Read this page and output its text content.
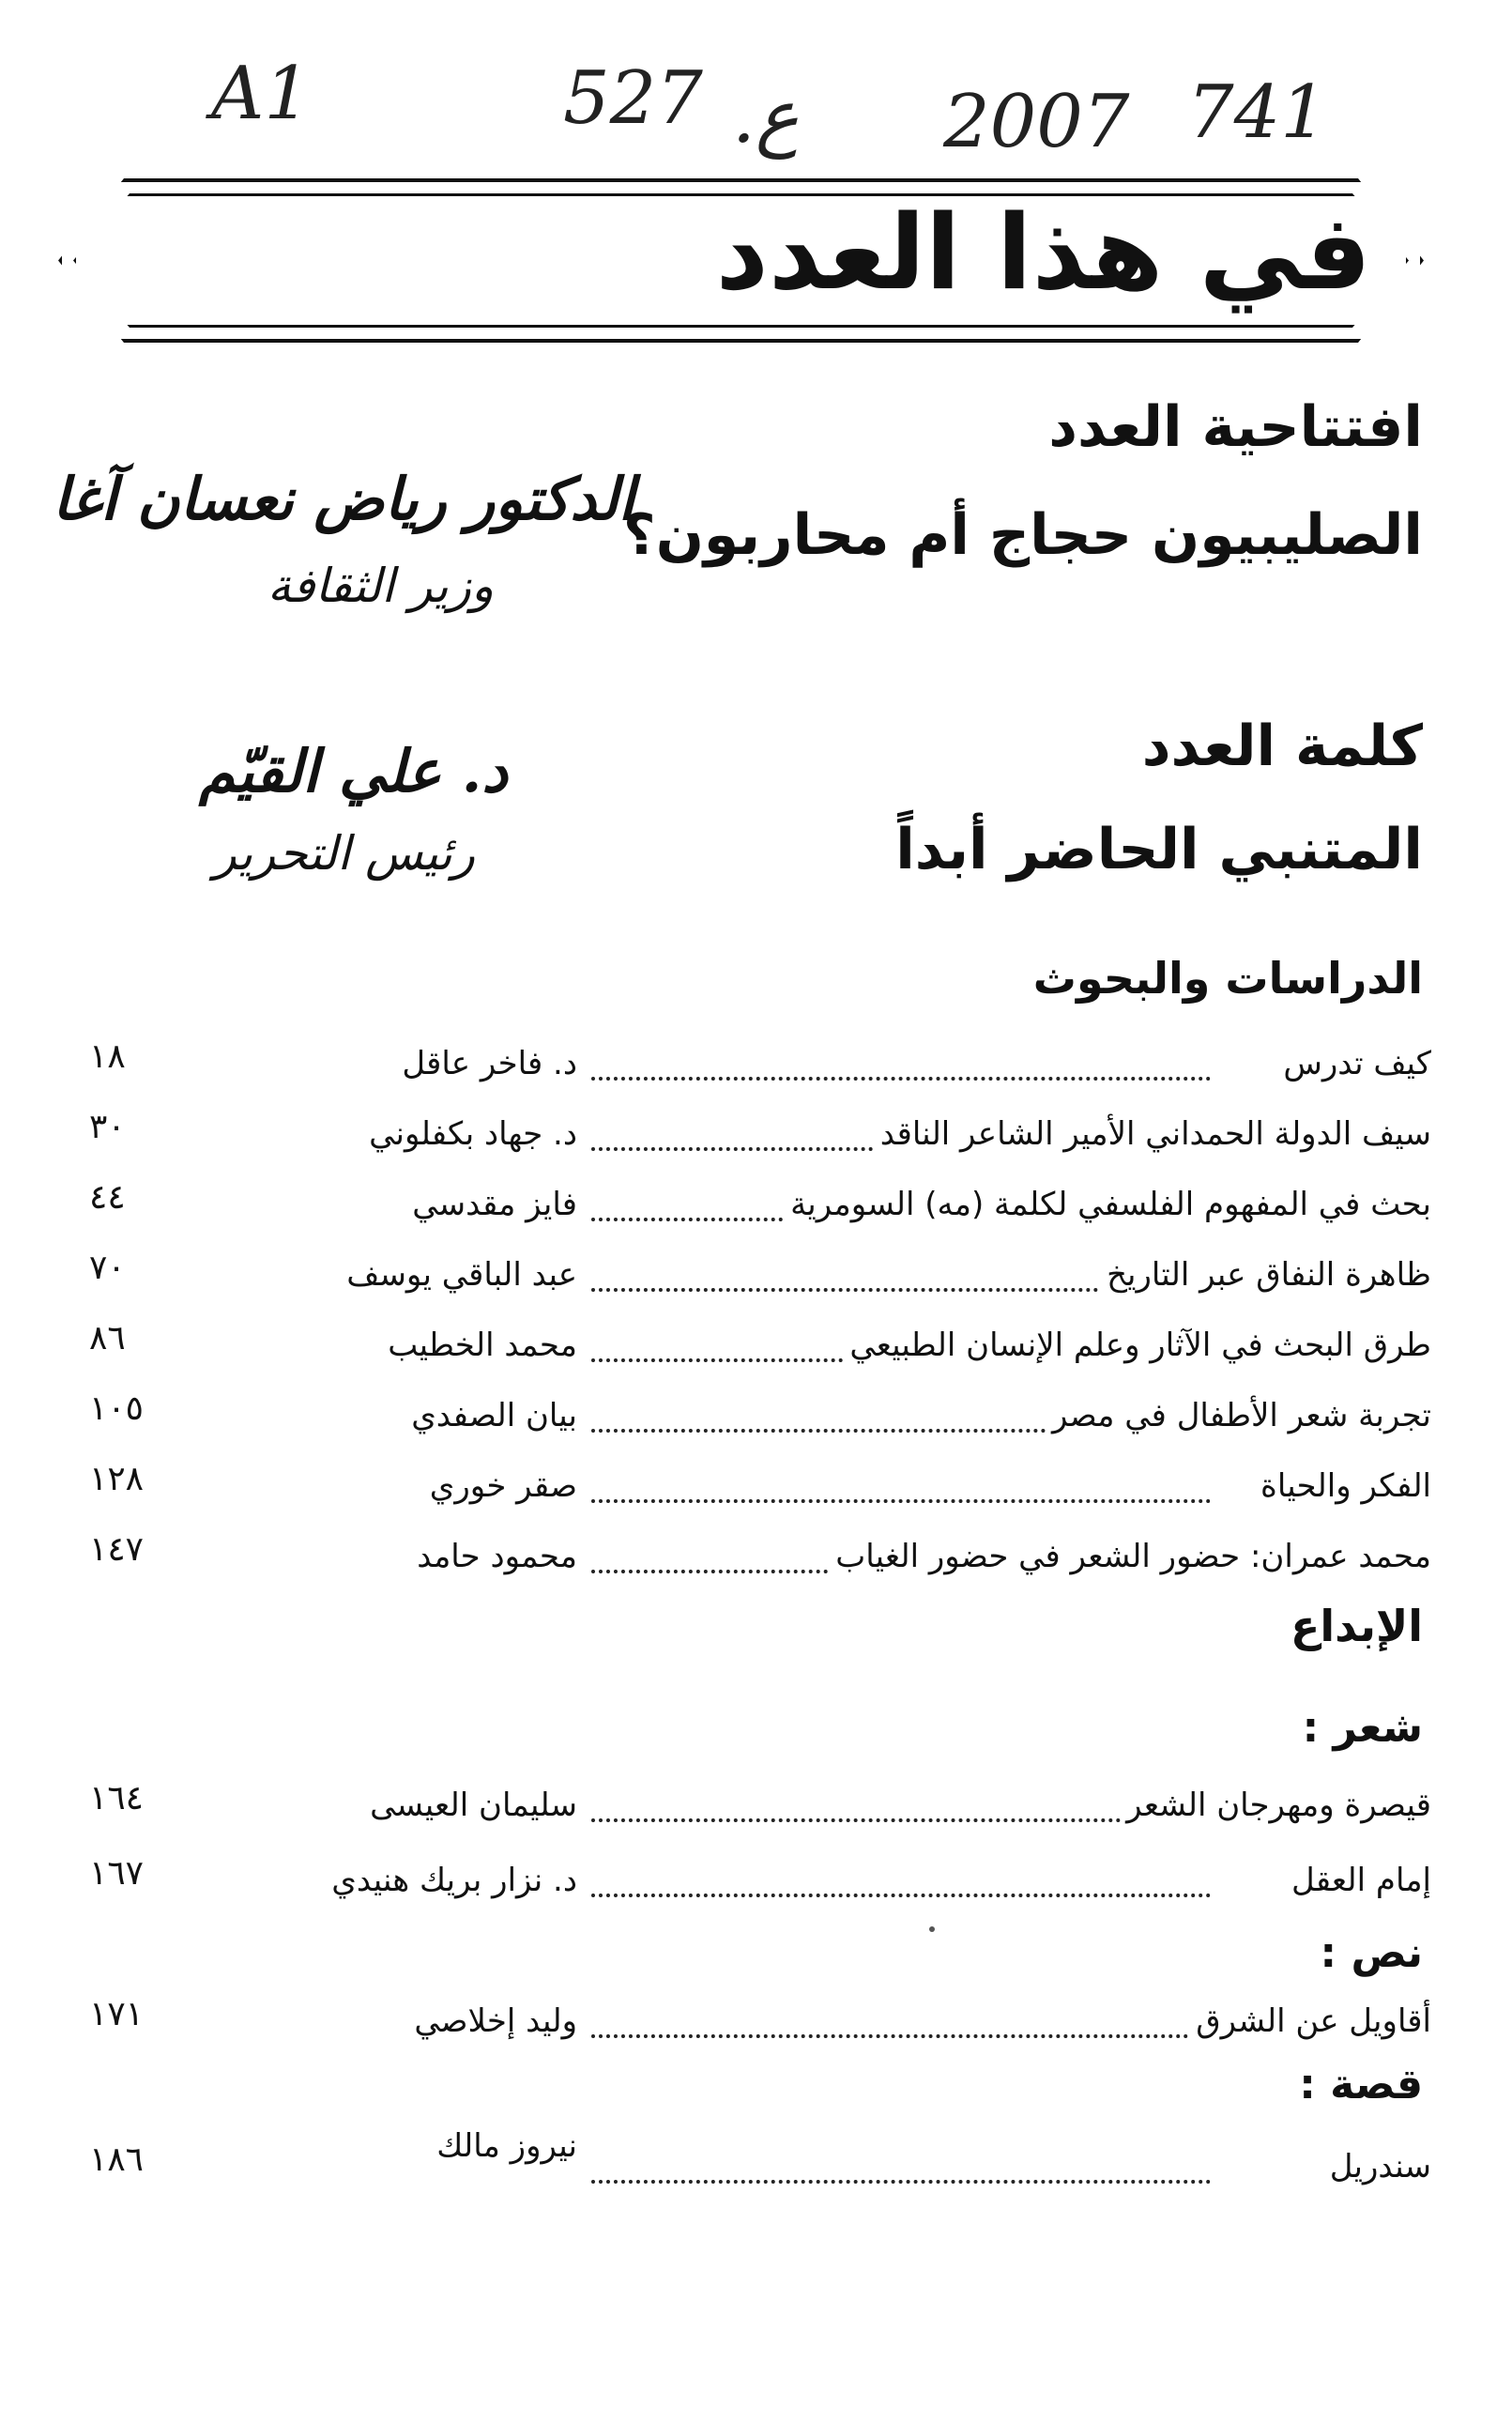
A1	527 .ع 2007 741
في هذا العدد
افتتاحية العدد
الصليبيون حجاج أم محاربون؟
الدكتور رياض نعسان آغا
وزير الثقافة
كلمة العدد
المتنبي الحاضر أبداً
د. علي القيّم
رئيس التحرير
الدراسات والبحوث
كيف تدرس
د. فاخر عاقل
١٨
سيف الدولة الحمداني الأمير الشاعر الناقد
د. جهاد بكفلوني
٣٠
بحث في المفهوم الفلسفي لكلمة (مه) السومرية
فايز مقدسي
٤٤
ظاهرة النفاق عبر التاريخ
عبد الباقي يوسف
٧٠
طرق البحث في الآثار وعلم الإنسان الطبيعي
محمد الخطيب
٨٦
تجربة شعر الأطفال في مصر
بيان الصفدي
١٠٥
الفكر والحياة
صقر خوري
١٢٨
محمد عمران: حضور الشعر في حضور الغياب
محمود حامد
١٤٧
الإبداع
شعر :
قيصرة ومهرجان الشعر
سليمان العيسى
١٦٤
إمام العقل
د. نزار بريك هنيدي
١٦٧
نص :
أقاويل عن الشرق
وليد إخلاصي
١٧١
قصة :
سندريل
نيروز مالك
١٨٦
